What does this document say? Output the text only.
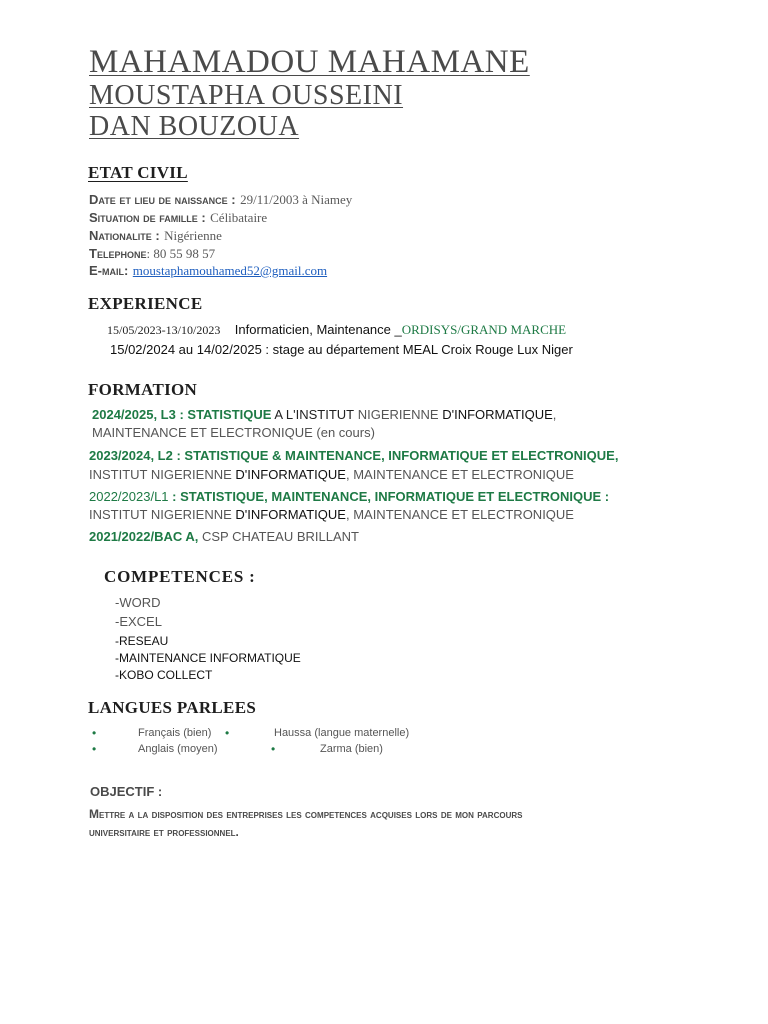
MAHAMADOU MAHAMANE
MOUSTAPHA OUSSEINI
DAN BOUZOUA
ETAT CIVIL
Date et lieu de naissance : 29/11/2003 à Niamey
Situation de famille : Célibataire
Nationalite : Nigérienne
Telephone: 80 55 98 57
E-mail: moustaphamouhamed52@gmail.com
EXPERIENCE
15/05/2023-13/10/2023 Informaticien, Maintenance _ORDISYS/GRAND MARCHE
15/02/2024 au 14/02/2025 : stage au département MEAL Croix Rouge Lux Niger
FORMATION
2024/2025, L3 : STATISTIQUE A L'INSTITUT NIGERIENNE D'INFORMATIQUE,
MAINTENANCE ET ELECTRONIQUE (en cours)
2023/2024, L2 : STATISTIQUE & MAINTENANCE, INFORMATIQUE ET ELECTRONIQUE,
INSTITUT NIGERIENNE D'INFORMATIQUE, MAINTENANCE ET ELECTRONIQUE
2022/2023/L1 : STATISTIQUE, MAINTENANCE, INFORMATIQUE ET ELECTRONIQUE :
INSTITUT NIGERIENNE D'INFORMATIQUE, MAINTENANCE ET ELECTRONIQUE
2021/2022/BAC A, CSP CHATEAU BRILLANT
COMPETENCES :
-WORD
-EXCEL
-RESEAU
-MAINTENANCE INFORMATIQUE
-KOBO COLLECT
LANGUES PARLEES
•	Français (bien) •	Haussa (langue maternelle)
•	Anglais (moyen)	•	Zarma (bien)
OBJECTIF :
Mettre a la disposition des entreprises les competences acquises lors de mon parcours
universitaire et professionnel.
